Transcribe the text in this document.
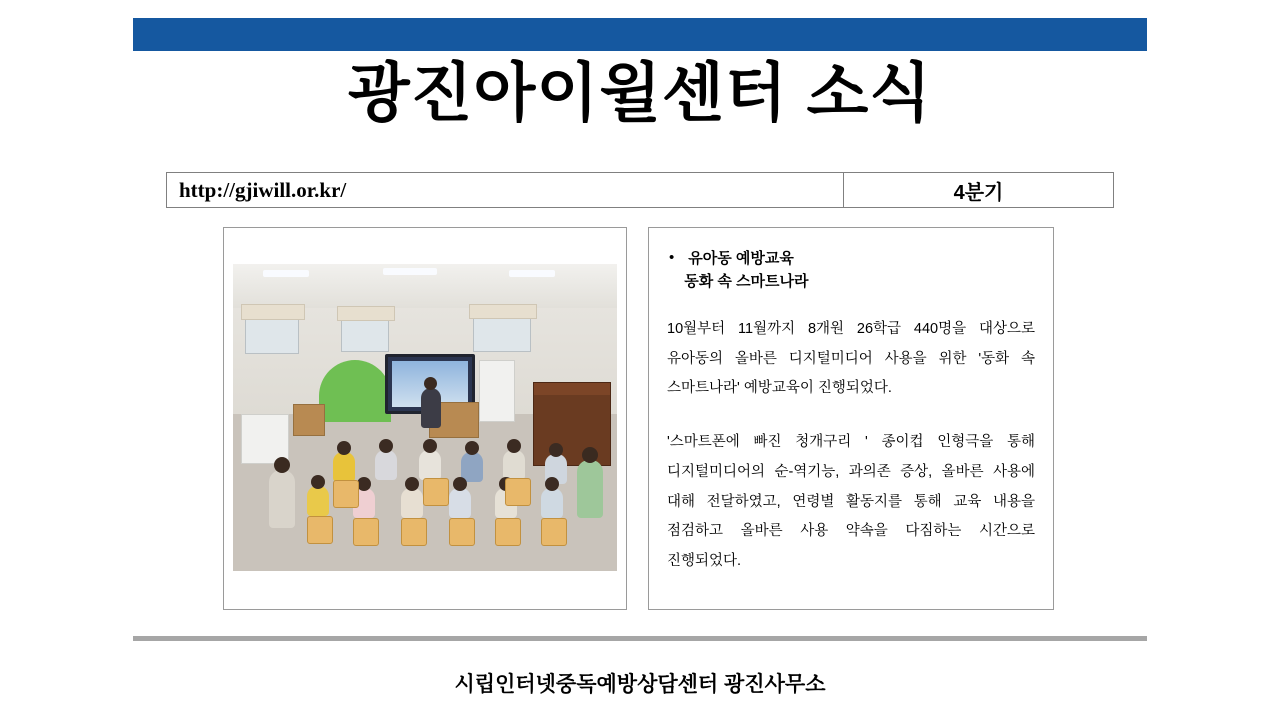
광진아이윌센터 소식
http://gjiwill.or.kr/	4분기
• 유아동 예방교육
동화 속 스마트나라

10월부터 11월까지 8개원 26학급 440명을 대상으로 유아동의 올바른 디지털미디어 사용을 위한 '동화 속 스마트나라' 예방교육이 진행되었다.

'스마트폰에 빠진 청개구리 ' 종이컵 인형극을 통해 디지털미디어의 순-역기능, 과의존 증상, 올바른 사용에 대해 전달하였고, 연령별 활동지를 통해 교육 내용을 점검하고 올바른 사용 약속을 다짐하는 시간으로 진행되었다.

시립인터넷중독예방상담센터 광진사무소
